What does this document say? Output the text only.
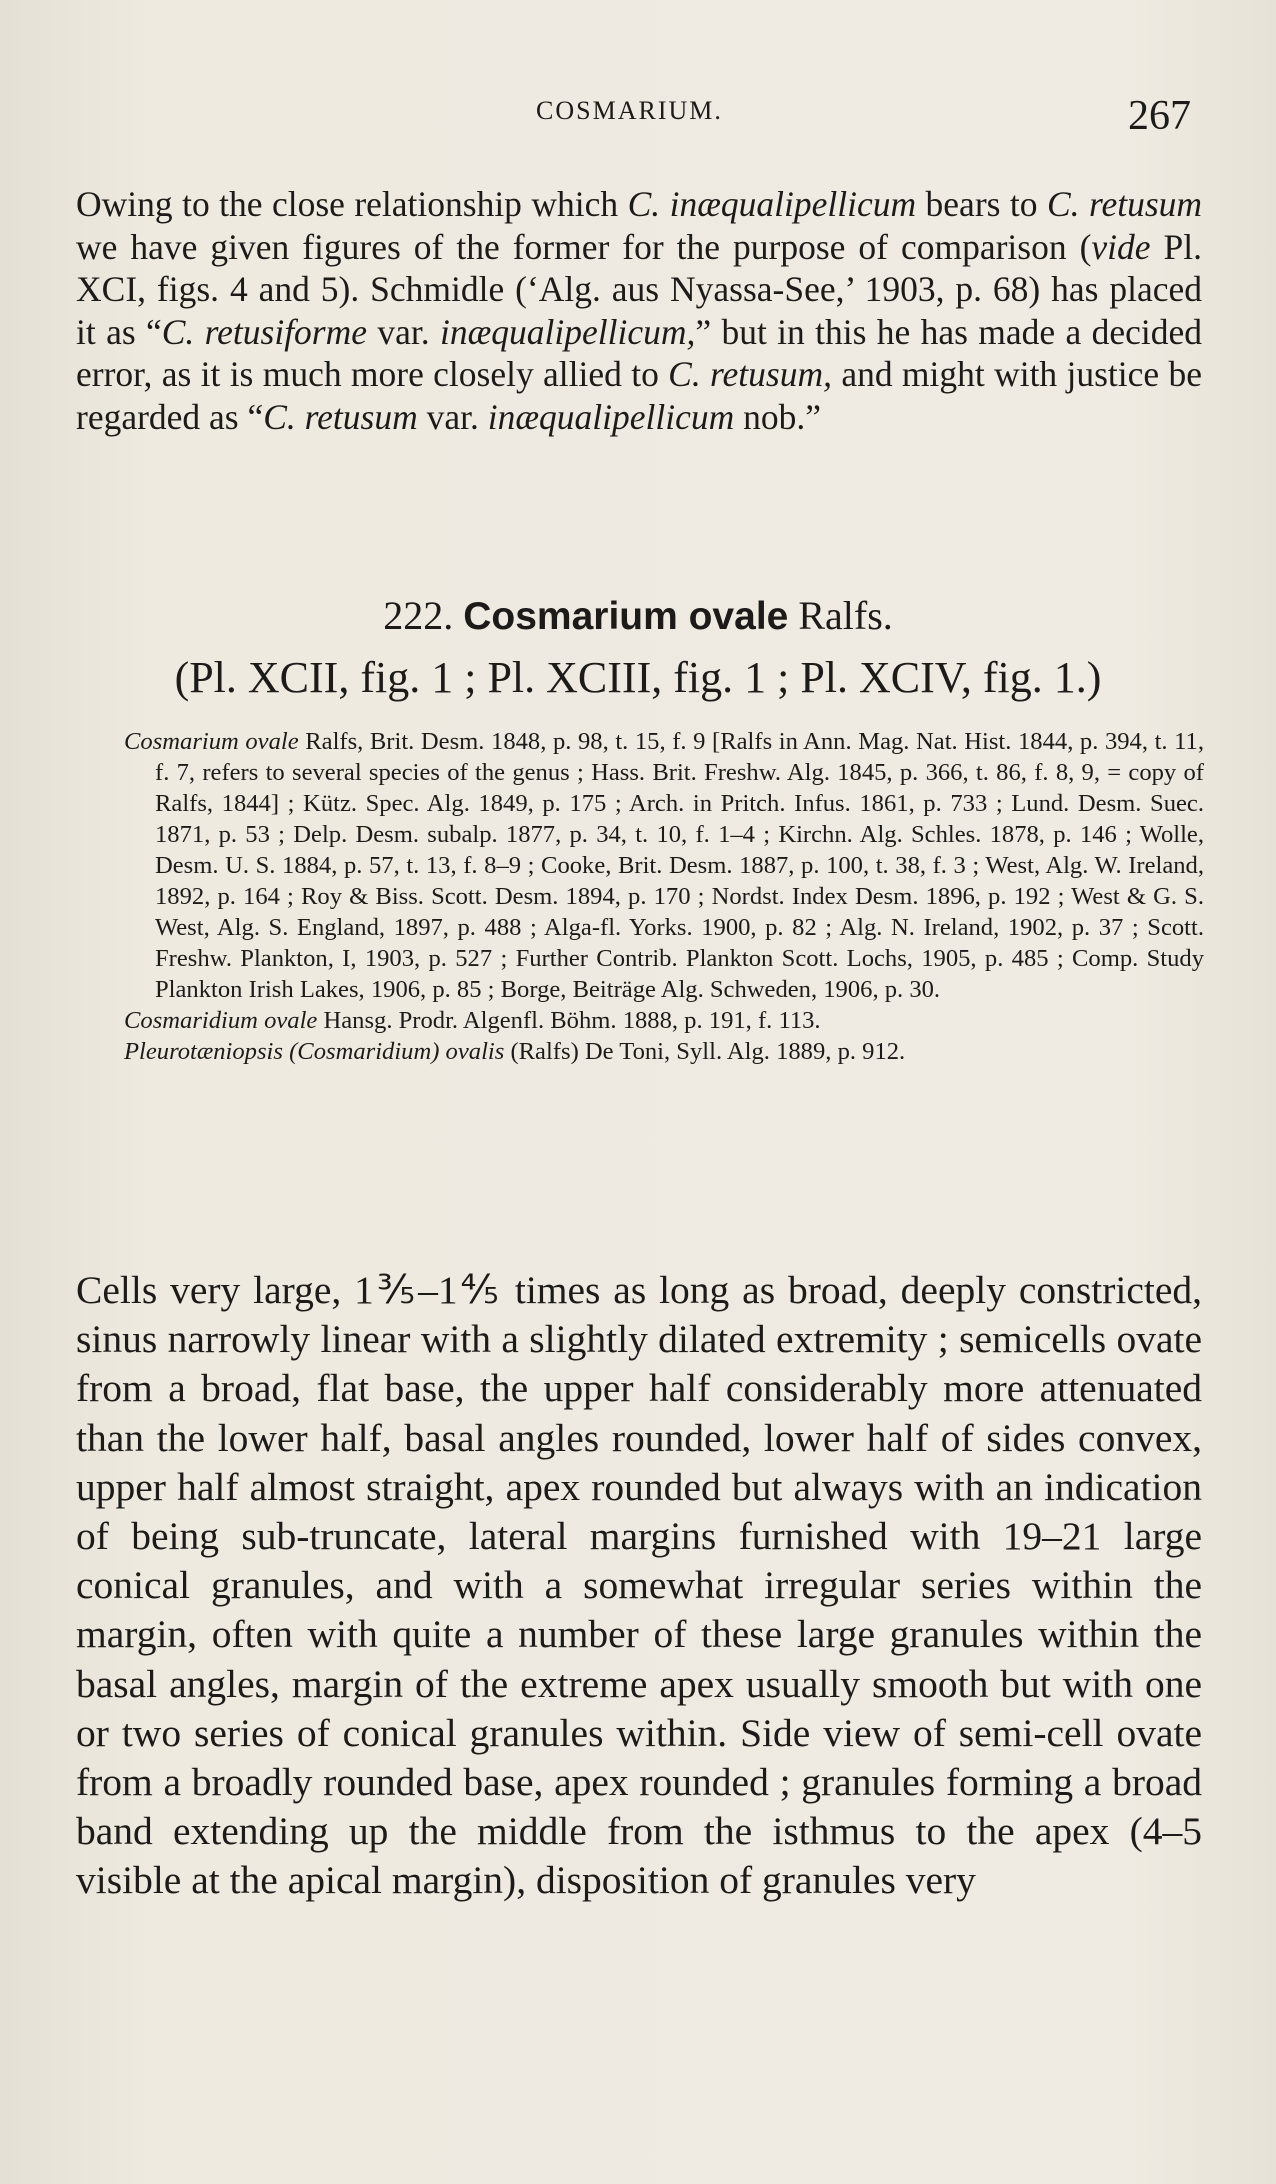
COSMARIUM.	267

Owing to the close relationship which C. inæqualipellicum bears to C. retusum we have given figures of the former for the purpose of comparison (vide Pl. XCI, figs. 4 and 5). Schmidle (‘Alg. aus Nyassa-See,’ 1903, p. 68) has placed it as “C. retusiforme var. inæqualipellicum,” but in this he has made a decided error, as it is much more closely allied to C. retusum, and might with justice be regarded as “C. retusum var. inæqualipellicum nob.”

222. Cosmarium ovale Ralfs.
(Pl. XCII, fig. 1 ; Pl. XCIII, fig. 1 ; Pl. XCIV, fig. 1.)

Cosmarium ovale Ralfs, Brit. Desm. 1848, p. 98, t. 15, f. 9 [Ralfs in Ann. Mag. Nat. Hist. 1844, p. 394, t. 11, f. 7, refers to several species of the genus ; Hass. Brit. Freshw. Alg. 1845, p. 366, t. 86, f. 8, 9, = copy of Ralfs, 1844] ; Kütz. Spec. Alg. 1849, p. 175 ; Arch. in Pritch. Infus. 1861, p. 733 ; Lund. Desm. Suec. 1871, p. 53 ; Delp. Desm. subalp. 1877, p. 34, t. 10, f. 1–4 ; Kirchn. Alg. Schles. 1878, p. 146 ; Wolle, Desm. U. S. 1884, p. 57, t. 13, f. 8–9 ; Cooke, Brit. Desm. 1887, p. 100, t. 38, f. 3 ; West, Alg. W. Ireland, 1892, p. 164 ; Roy & Biss. Scott. Desm. 1894, p. 170 ; Nordst. Index Desm. 1896, p. 192 ; West & G. S. West, Alg. S. England, 1897, p. 488 ; Alga-fl. Yorks. 1900, p. 82 ; Alg. N. Ireland, 1902, p. 37 ; Scott. Freshw. Plankton, I, 1903, p. 527 ; Further Contrib. Plankton Scott. Lochs, 1905, p. 485 ; Comp. Study Plankton Irish Lakes, 1906, p. 85 ; Borge, Beiträge Alg. Schweden, 1906, p. 30.

Cosmaridium ovale Hansg. Prodr. Algenfl. Böhm. 1888, p. 191, f. 113.

Pleurotæniopsis (Cosmaridium) ovalis (Ralfs) De Toni, Syll. Alg. 1889, p. 912.

Cells very large, 1⅗–1⅘ times as long as broad, deeply constricted, sinus narrowly linear with a slightly dilated extremity ; semicells ovate from a broad, flat base, the upper half considerably more attenuated than the lower half, basal angles rounded, lower half of sides convex, upper half almost straight, apex rounded but always with an indication of being sub-truncate, lateral margins furnished with 19–21 large conical granules, and with a somewhat irregular series within the margin, often with quite a number of these large granules within the basal angles, margin of the extreme apex usually smooth but with one or two series of conical granules within. Side view of semi-cell ovate from a broadly rounded base, apex rounded ; granules forming a broad band extending up the middle from the isthmus to the apex (4–5 visible at the apical margin), disposition of granules very
